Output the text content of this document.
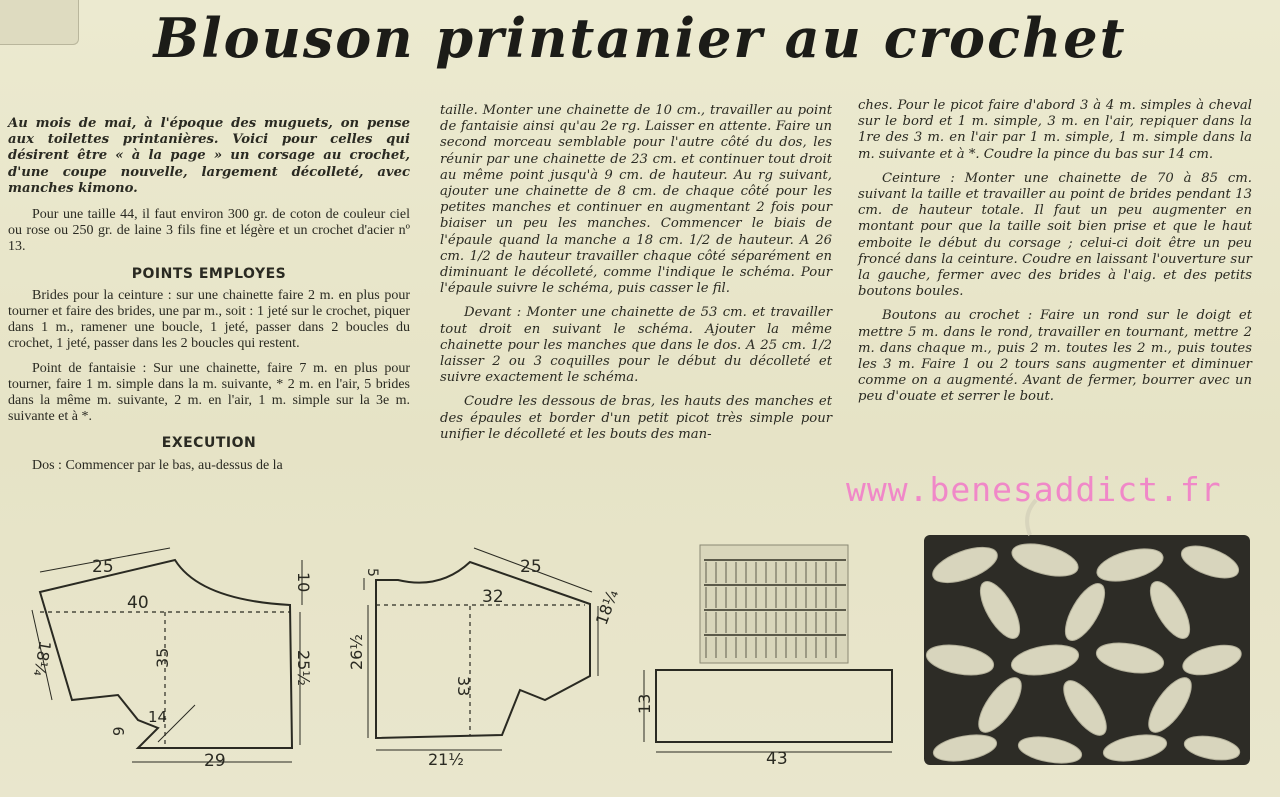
Blouson printanier au crochet

Au mois de mai, à l'époque des muguets, on pense aux toilettes printanières. Voici pour celles qui désirent être « à la page » un corsage au crochet, d'une coupe nouvelle, largement décolleté, avec manches kimono.

Pour une taille 44, il faut environ 300 gr. de coton de couleur ciel ou rose ou 250 gr. de laine 3 fils fine et légère et un crochet d'acier nº 13.

POINTS EMPLOYES

Brides pour la ceinture : sur une chainette faire 2 m. en plus pour tourner et faire des brides, une par m., soit : 1 jeté sur le crochet, piquer dans 1 m., ramener une boucle, 1 jeté, passer dans 2 boucles du crochet, 1 jeté, passer dans les 2 boucles qui restent.

Point de fantaisie : Sur une chainette, faire 7 m. en plus pour tourner, faire 1 m. simple dans la m. suivante, * 2 m. en l'air, 5 brides dans la même m. suivante, 2 m. en l'air, 1 m. simple sur la 3e m. suivante et à *.

EXECUTION

Dos : Commencer par le bas, au-dessus de la

taille. Monter une chainette de 10 cm., travailler au point de fantaisie ainsi qu'au 2e rg. Laisser en attente. Faire un second morceau semblable pour l'autre côté du dos, les réunir par une chainette de 23 cm. et continuer tout droit au même point jusqu'à 9 cm. de hauteur. Au rg suivant, ajouter une chainette de 8 cm. de chaque côté pour les petites manches et continuer en augmentant 2 fois pour biaiser un peu les manches. Commencer le biais de l'épaule quand la manche a 18 cm. 1/2 de hauteur. A 26 cm. 1/2 de hauteur travailler chaque côté séparément en diminuant le décolleté, comme l'indique le schéma. Pour l'épaule suivre le schéma, puis casser le fil.

Devant : Monter une chainette de 53 cm. et travailler tout droit en suivant le schéma. Ajouter la même chainette pour les manches que dans le dos. A 25 cm. 1/2 laisser 2 ou 3 coquilles pour le début du décolleté et suivre exactement le schéma.

Coudre les dessous de bras, les hauts des manches et des épaules et border d'un petit picot très simple pour unifier le décolleté et les bouts des man-

ches. Pour le picot faire d'abord 3 à 4 m. simples à cheval sur le bord et 1 m. simple, 3 m. en l'air, repiquer dans la 1re des 3 m. en l'air par 1 m. simple, 1 m. simple dans la m. suivante et à *. Coudre la pince du bas sur 14 cm.

Ceinture : Monter une chainette de 70 à 85 cm. suivant la taille et travailler au point de brides pendant 13 cm. de hauteur totale. Il faut un peu augmenter en montant pour que la taille soit bien prise et que le haut emboite le début du corsage ; celui-ci doit être un peu froncé dans la ceinture. Coudre en laissant l'ouverture sur la gauche, fermer avec des brides à l'aig. et des petits boutons boules.

Boutons au crochet : Faire un rond sur le doigt et mettre 5 m. dans le rond, travailler en tournant, mettre 2 m. dans chaque m., puis 2 m. toutes les 2 m., puis toutes les 3 m. Faire 1 ou 2 tours sans augmenter et diminuer comme on a augmenté. Avant de fermer, bourrer avec un peu d'ouate et serrer le bout.

www.benesaddict.fr
25
40
10
35	25½
18¼
9
14
29
25
32
5
26½
33
18¼
21½
13
43
